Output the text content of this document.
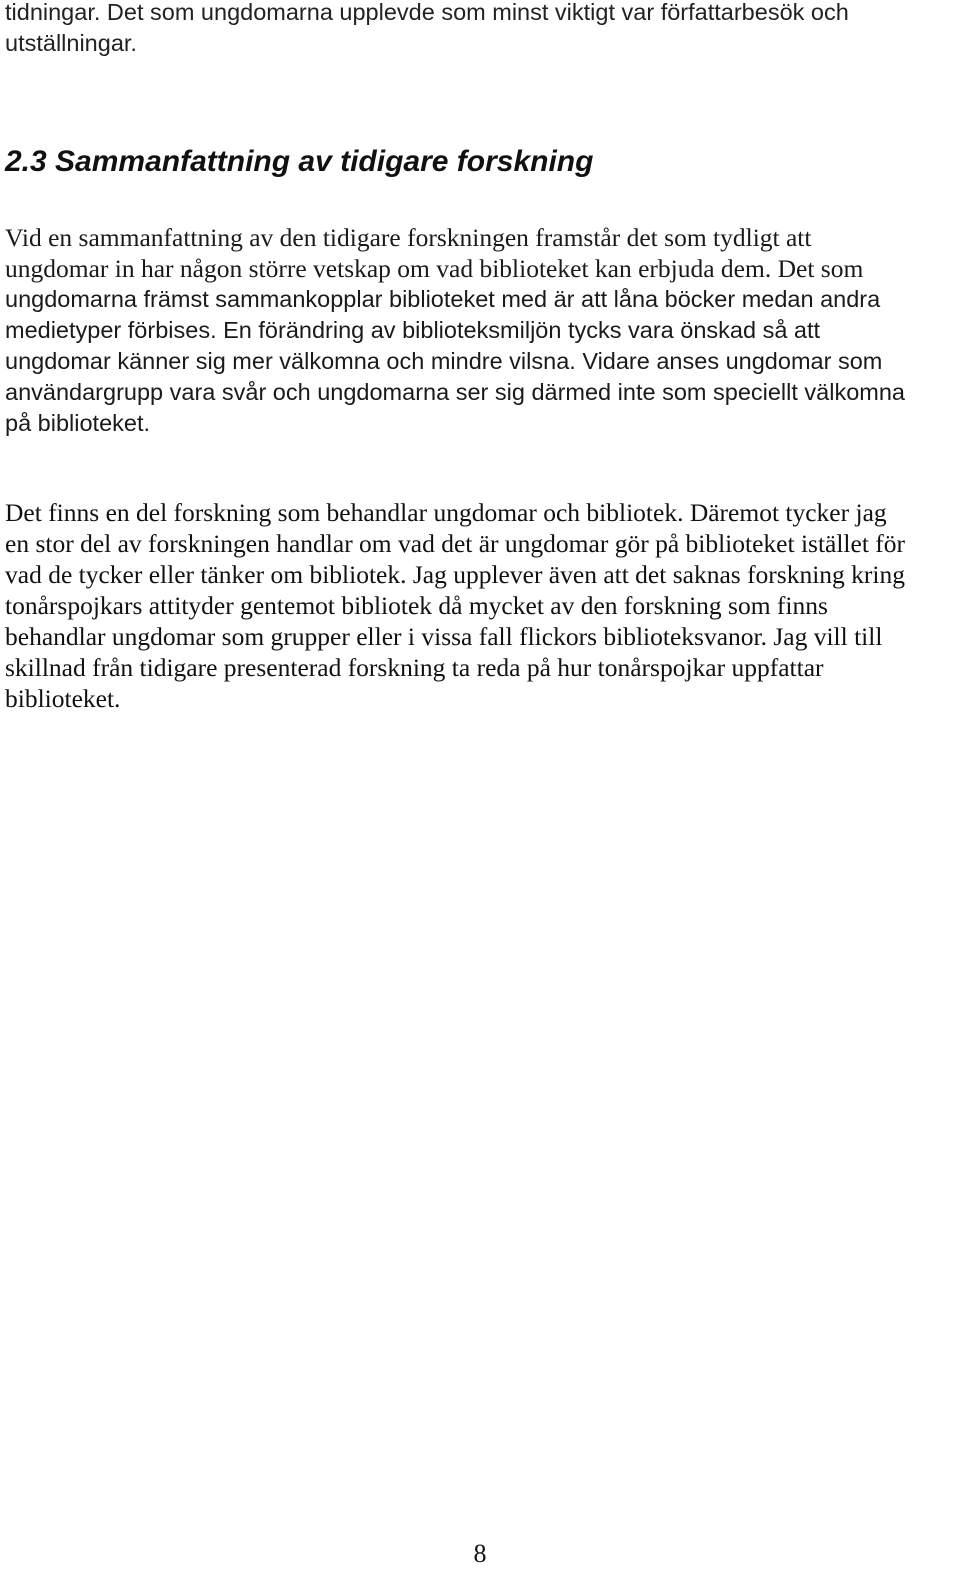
tidningar. Det som ungdomarna upplevde som minst viktigt var författarbesök och
utställningar.

2.3 Sammanfattning av tidigare forskning

Vid en sammanfattning av den tidigare forskningen framstår det som tydligt att
ungdomar in har någon större vetskap om vad biblioteket kan erbjuda dem. Det som
ungdomarna främst sammankopplar biblioteket med är att låna böcker medan andra
medietyper förbises. En förändring av biblioteksmiljön tycks vara önskad så att
ungdomar känner sig mer välkomna och mindre vilsna. Vidare anses ungdomar som
användargrupp vara svår och ungdomarna ser sig därmed inte som speciellt välkomna
på biblioteket.

Det finns en del forskning som behandlar ungdomar och bibliotek. Däremot tycker jag
en stor del av forskningen handlar om vad det är ungdomar gör på biblioteket istället för
vad de tycker eller tänker om bibliotek. Jag upplever även att det saknas forskning kring
tonårspojkars attityder gentemot bibliotek då mycket av den forskning som finns
behandlar ungdomar som grupper eller i vissa fall flickors biblioteksvanor. Jag vill till
skillnad från tidigare presenterad forskning ta reda på hur tonårspojkar uppfattar
biblioteket.

8
